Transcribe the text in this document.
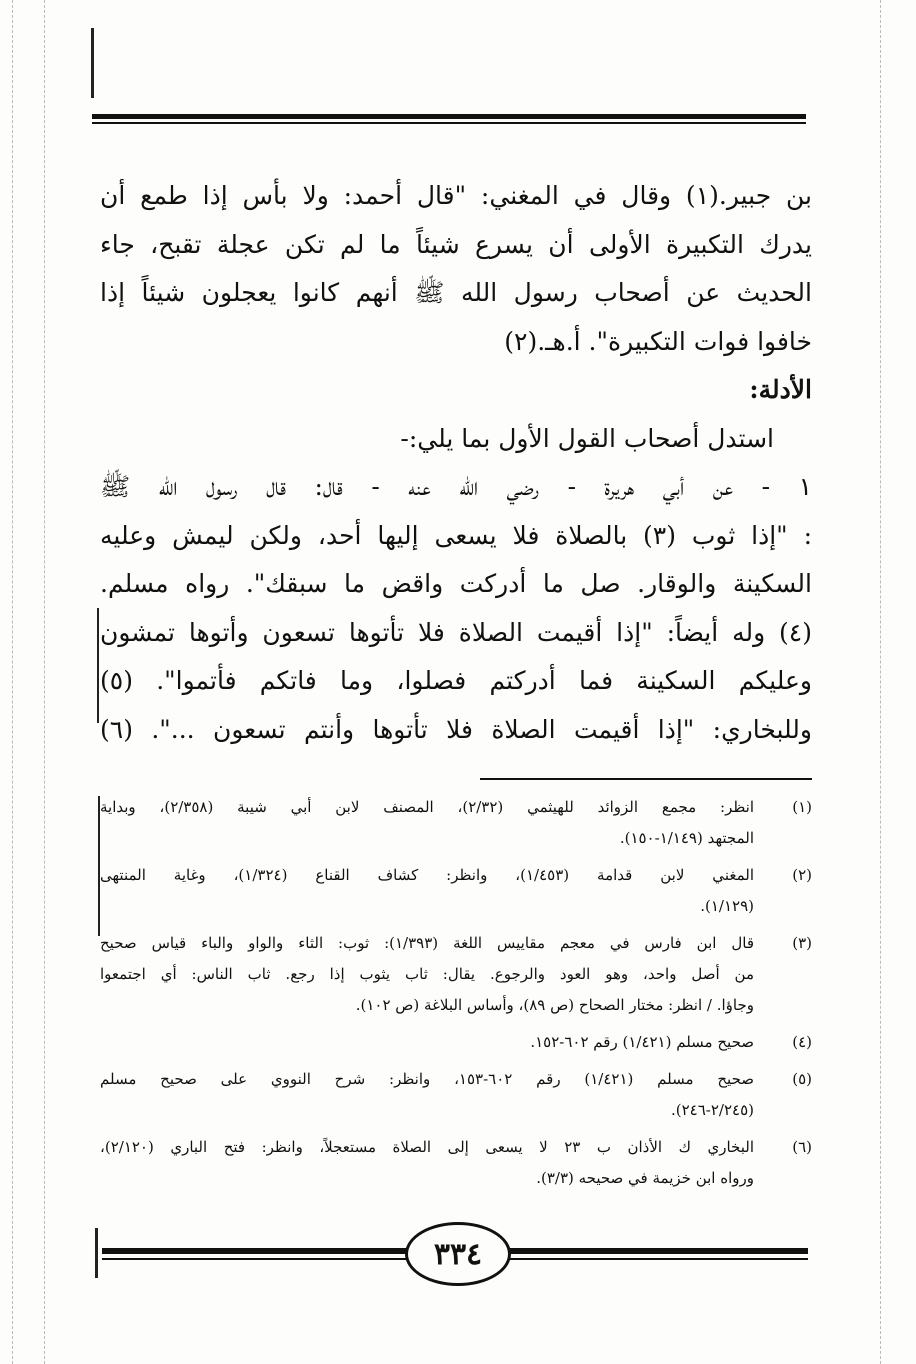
بن جبير.(١) وقال في المغني: "قال أحمد: ولا بأس إذا طمع أن
يدرك التكبيرة الأولى أن يسرع شيئاً ما لم تكن عجلة تقبح، جاء
الحديث عن أصحاب رسول الله ﷺ أنهم كانوا يعجلون شيئاً إذا
خافوا فوات التكبيرة". أ.هـ.(٢)
الأدلة:
استدل أصحاب القول الأول بما يلي:-
١ - عن أبي هريرة - رضي الله عنه - قال: قال رسول الله ﷺ
: "إذا ثوب (٣) بالصلاة فلا يسعى إليها أحد، ولكن ليمش وعليه
السكينة والوقار. صل ما أدركت واقض ما سبقك". رواه مسلم.
(٤) وله أيضاً: "إذا أقيمت الصلاة فلا تأتوها تسعون وأتوها تمشون
وعليكم السكينة فما أدركتم فصلوا، وما فاتكم فأتموا". (٥)
وللبخاري: "إذا أقيمت الصلاة فلا تأتوها وأنتم تسعون ...". (٦)
(١)
انظر: مجمع الزوائد للهيثمي (٢/٣٢)، المصنف لابن أبي شيبة (٢/٣٥٨)، وبداية
المجتهد (١/١٤٩-١٥٠).
(٢)
المغني لابن قدامة (١/٤٥٣)، وانظر: كشاف القناع (١/٣٢٤)، وغاية المنتهى
(١/١٢٩).
(٣)
قال ابن فارس في معجم مقاييس اللغة (١/٣٩٣): ثوب: الثاء والواو والباء قياس صحيح
من أصل واحد، وهو العود والرجوع. يقال: ثاب يثوب إذا رجع. ثاب الناس: أي اجتمعوا
وجاؤا. / انظر: مختار الصحاح (ص ٨٩)، وأساس البلاغة (ص ١٠٢).
(٤)
صحيح مسلم (١/٤٢١) رقم ٦٠٢-١٥٢.
(٥)
صحيح مسلم (١/٤٢١) رقم ٦٠٢-١٥٣، وانظر: شرح النووي على صحيح مسلم
(٢/٢٤٥-٢٤٦).
(٦)
البخاري ك الأذان ب ٢٣ لا يسعى إلى الصلاة مستعجلاً، وانظر: فتح الباري (٢/١٢٠)،
ورواه ابن خزيمة في صحيحه (٣/٣).
٣٣٤
